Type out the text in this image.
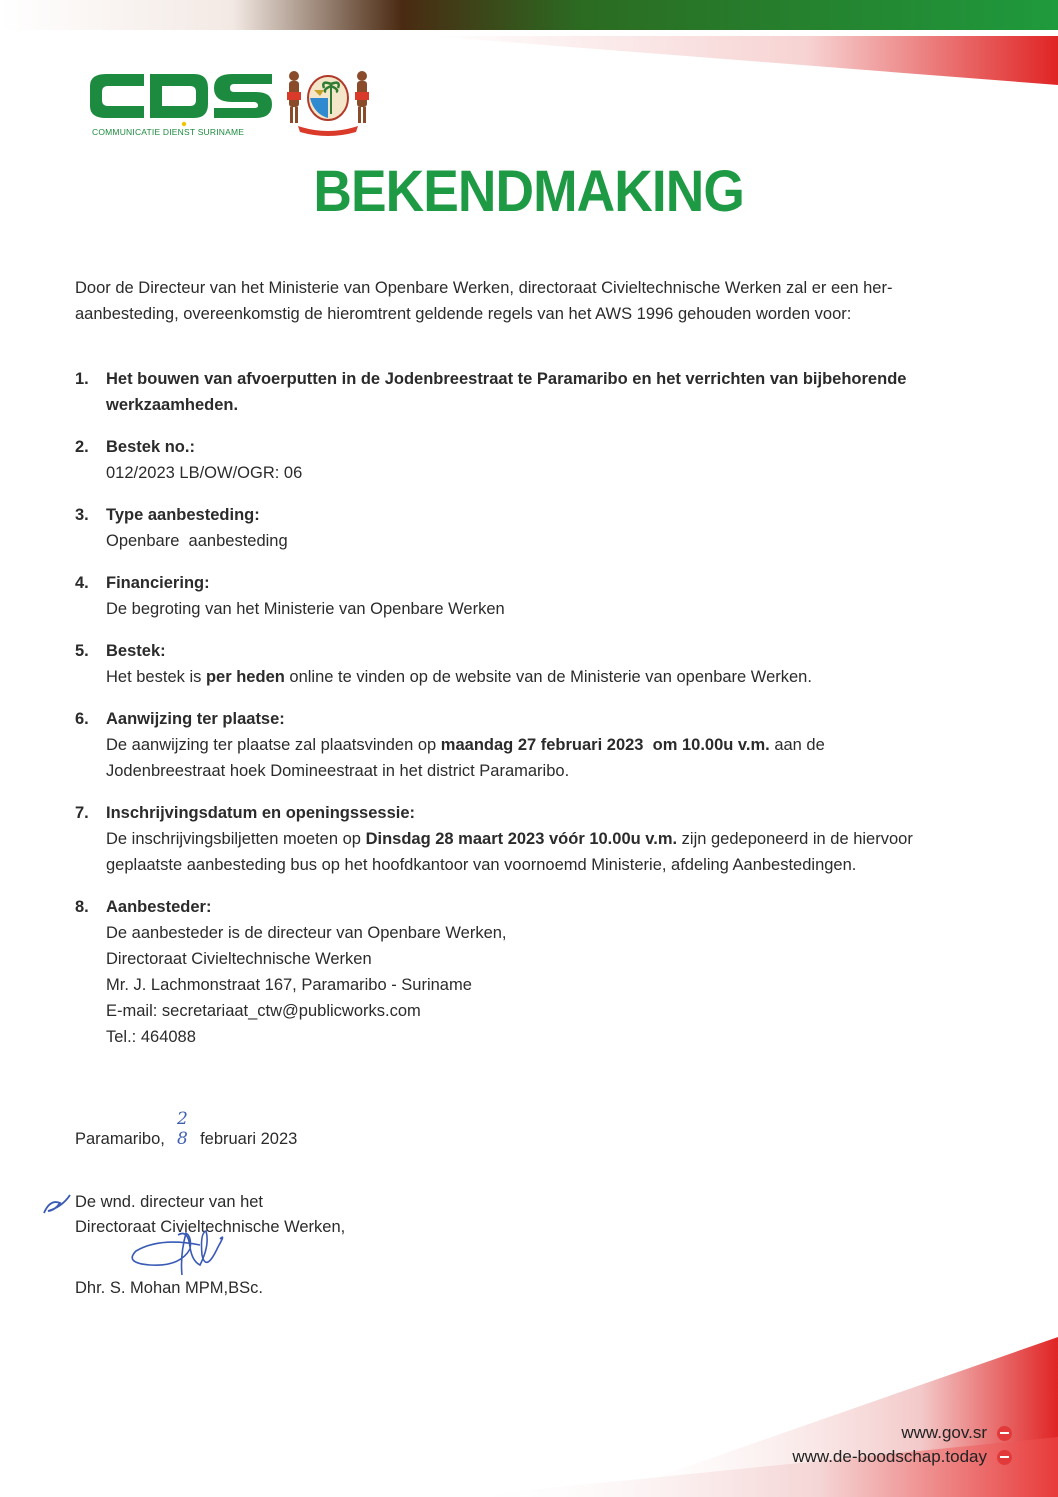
COMMUNICATIE DIENST SURINAME
BEKENDMAKING
Door de Directeur van het Ministerie van Openbare Werken, directoraat Civieltechnische Werken zal er een her- aanbesteding, overeenkomstig de hieromtrent geldende regels van het AWS 1996 gehouden worden voor:
1. Het bouwen van afvoerputten in de Jodenbreestraat te Paramaribo en het verrichten van bijbehorende werkzaamheden.
2. Bestek no.:
012/2023 LB/OW/OGR: 06
3. Type aanbesteding:
Openbare  aanbesteding
4. Financiering:
De begroting van het Ministerie van Openbare Werken
5. Bestek:
Het bestek is per heden online te vinden op de website van de Ministerie van openbare Werken.
6. Aanwijzing ter plaatse:
De aanwijzing ter plaatse zal plaatsvinden op maandag 27 februari 2023  om 10.00u v.m. aan de Jodenbreestraat hoek Domineestraat in het district Paramaribo.
7. Inschrijvingsdatum en openingssessie:
De inschrijvingsbiljetten moeten op Dinsdag 28 maart 2023 vóór 10.00u v.m. zijn gedeponeerd in de hiervoor geplaatste aanbesteding bus op het hoofdkantoor van voornoemd Ministerie, afdeling Aanbestedingen.
8. Aanbesteder:
De aanbesteder is de directeur van Openbare Werken,
Directoraat Civieltechnische Werken
Mr. J. Lachmonstraat 167, Paramaribo - Suriname
E-mail: secretariaat_ctw@publicworks.com
Tel.: 464088
Paramaribo, 2 8 februari 2023
De wnd. directeur van het
Directoraat Civieltechnische Werken,
Dhr. S. Mohan MPM,BSc.
www.gov.sr
www.de-boodschap.today
